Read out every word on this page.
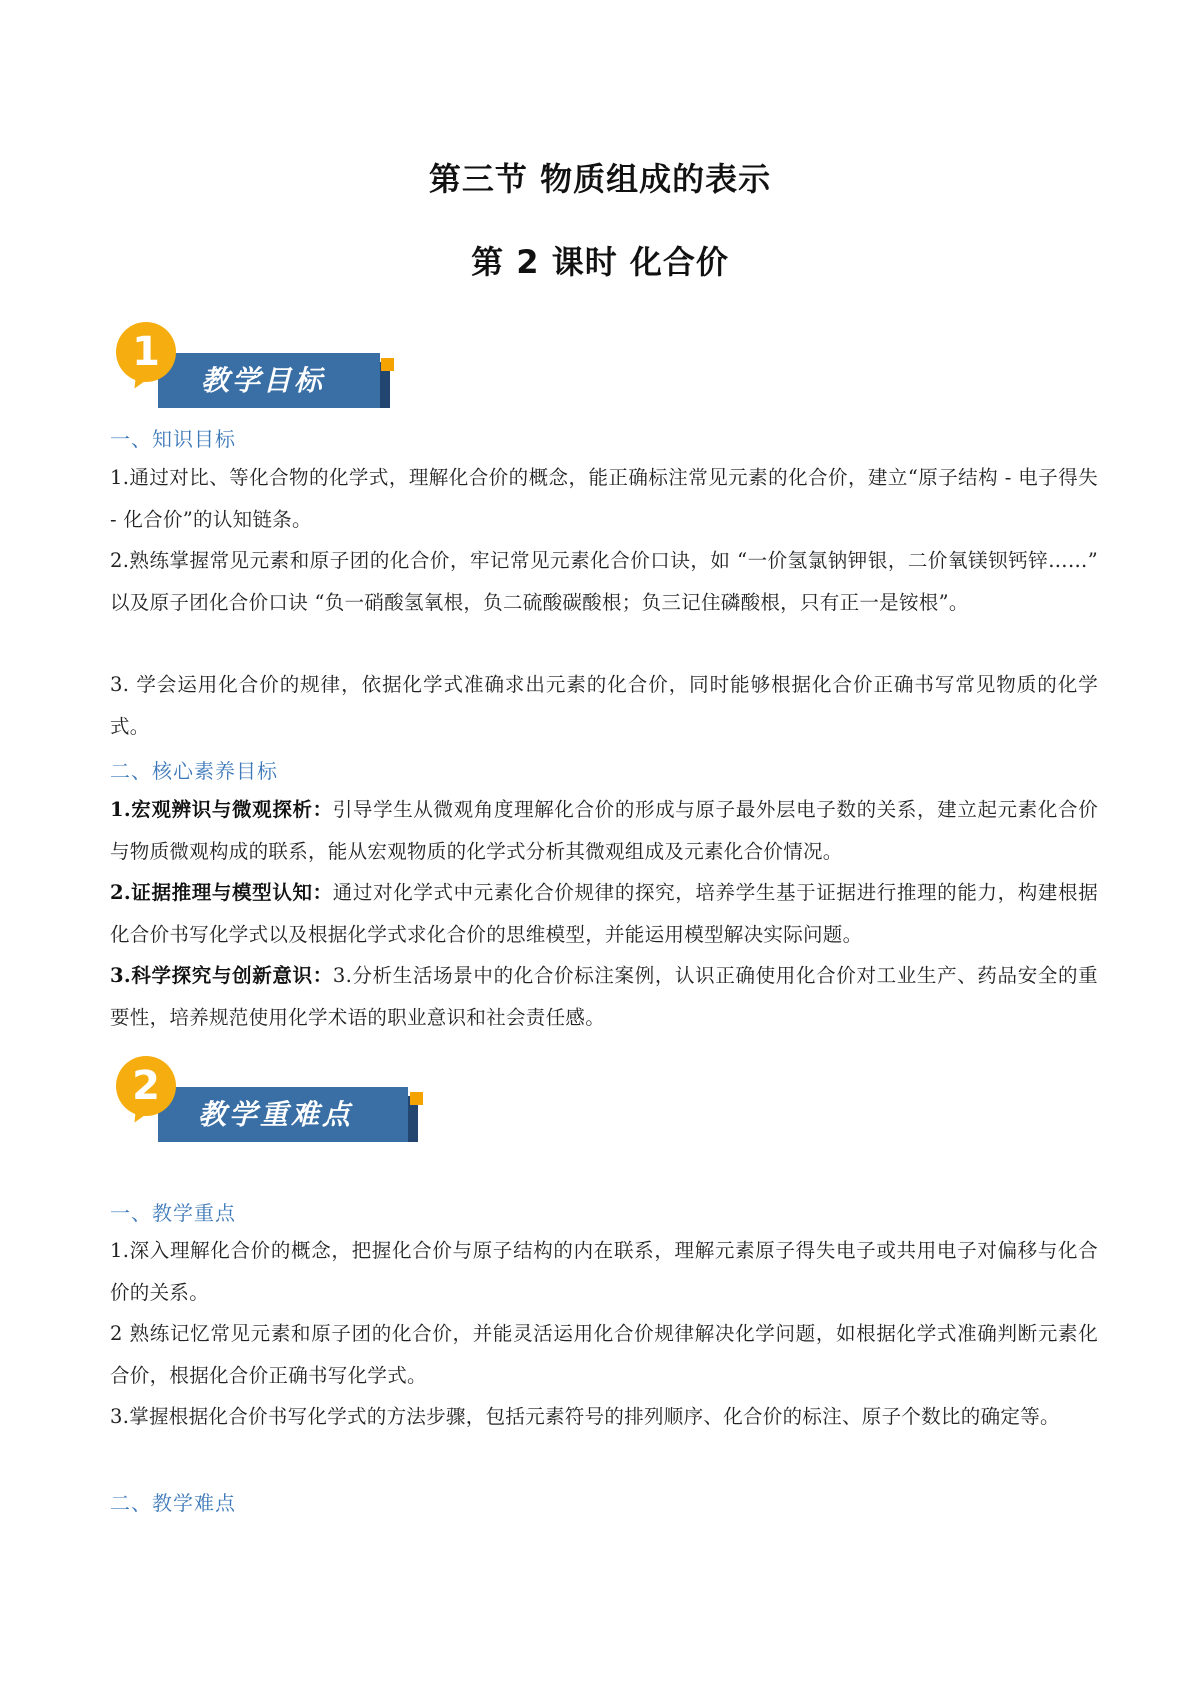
第三节 物质组成的表示
第 2 课时 化合价
1
教学目标
一、知识目标
1.通过对比、等化合物的化学式，理解化合价的概念，能正确标注常见元素的化合价，建立“原子结构 - 电子得失 - 化合价”的认知链条。
2.熟练掌握常见元素和原子团的化合价，牢记常见元素化合价口诀，如 “一价氢氯钠钾银，二价氧镁钡钙锌……” 以及原子团化合价口诀 “负一硝酸氢氧根，负二硫酸碳酸根；负三记住磷酸根，只有正一是铵根”。
3. 学会运用化合价的规律，依据化学式准确求出元素的化合价，同时能够根据化合价正确书写常见物质的化学式。
二、核心素养目标
1.宏观辨识与微观探析：引导学生从微观角度理解化合价的形成与原子最外层电子数的关系，建立起元素化合价与物质微观构成的联系，能从宏观物质的化学式分析其微观组成及元素化合价情况。
2.证据推理与模型认知：通过对化学式中元素化合价规律的探究，培养学生基于证据进行推理的能力，构建根据化合价书写化学式以及根据化学式求化合价的思维模型，并能运用模型解决实际问题。
3.科学探究与创新意识：3.分析生活场景中的化合价标注案例，认识正确使用化合价对工业生产、药品安全的重要性，培养规范使用化学术语的职业意识和社会责任感。
2
教学重难点
一、教学重点
1.深入理解化合价的概念，把握化合价与原子结构的内在联系，理解元素原子得失电子或共用电子对偏移与化合价的关系。
2 熟练记忆常见元素和原子团的化合价，并能灵活运用化合价规律解决化学问题，如根据化学式准确判断元素化合价，根据化合价正确书写化学式。
3.掌握根据化合价书写化学式的方法步骤，包括元素符号的排列顺序、化合价的标注、原子个数比的确定等。
二、教学难点
